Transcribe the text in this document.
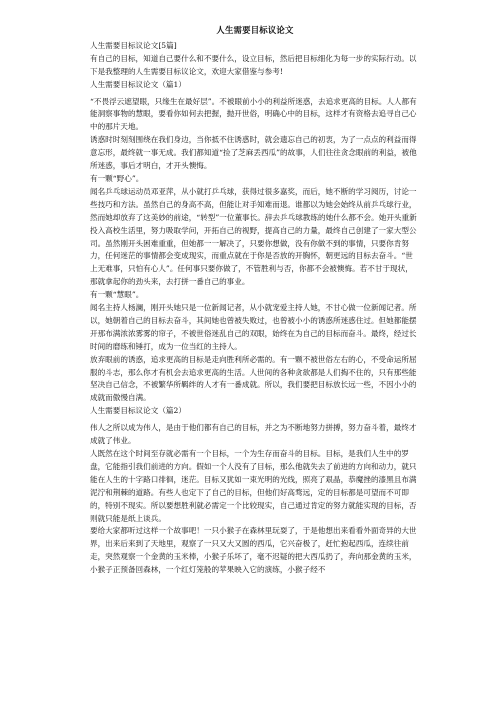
人生需要目标议论文

人生需要目标议论文[5篇]

有自己的目标，知道自己要什么和不要什么，设立目标，然后把目标细化为每一步的实际行动。以下是我整理的人生需要目标议论文，欢迎大家借鉴与参考!

人生需要目标议论文（篇1）

“不畏浮云遮望眼，只缘生在最好层”。不被眼前小小的利益所迷惑，去追求更高的目标。人人都有能洞察事物的慧眼，要看你如何去把握，抛开世俗，明确心中的目标，这样才有资格去追寻自己心中的那片天地。

诱惑时时刻刻围绕在我们身边，当你抵不住诱惑时，就会遗忘自己的初衷，为了一点点的利益而得意忘形，最终就一事无成。我们都知道“捡了芝麻丢西瓜”的故事，人们往往贪念眼前的利益，被他所迷惑，事后才明白，才开头懊悔。

有一颗“野心”。

闻名乒乓球运动员邓亚萍，从小就打乒乓球，获得过很多嘉奖，而后，她不断的学习阅历，讨论一些技巧和方法。虽然自己的身高不高，但能让对手知难而退。谁都以为她会始终从前乒乓球行业，然而她却放弃了这美妙的前途，“转型”一位董事长。辞去乒乓球教练的她什么都不会。她开头重新投入高校生活里，努力吸取学问，开拓自己的视野，提高自己的力量，最终自己创建了一家大型公司。虽然刚开头困难重重，但她都一一解决了，只要你想做，没有你做不到的事情，只要你肯努力，任何迷茫的事情都会变成现实，而重点就在于你是否放的开胸怀，朝更远的目标去奋斗。“世上无难事，只怕有心人”。任何事只要你做了，不管胜利与否，你都不会被懊悔。若不甘于现状，那就拿起你的劲头来，去打拼一番自己的事业。

有一颗“慧眼”。

闻名主持人杨澜，刚开头她只是一位新闻记者，从小就宠爱主持人她，不甘心做一位新闻记者。所以，她朝着自己的目标去奋斗，其间她也曾被失败过，也曾被小小的诱惑所迷惑住过。但她都能摆开那布满浓浓雾雾的帘子，不被世俗迷乱自己的双眼，始终在为自己的目标而奋斗。最终，经过长时间的磨练和锤打，成为一位当红的主持人。

放弃眼前的诱惑，追求更高的目标是走向胜利所必需的。有一颗不被世俗左右的心，不受命运所屈服的斗志，那么你才有机会去追求更高的生活。人世间的各种贪欲都是人们掏不住的，只有那些能坚决自己信念，不被繁华所羁绊的人才有一番成就。所以，我们要把目标放长远一些，不因小小的成就而傲慢自满。

人生需要目标议论文（篇2）

伟人之所以成为伟人，是由于他们都有自己的目标，并之为不断地努力拼搏，努力奋斗着，最终才成就了伟业。

人既然在这个时间至存就必需有一个目标，一个为生存而奋斗的目标。目标，是我们人生中的罗盘，它能指引我们前进的方向。假如一个人没有了目标，那么他就失去了前进的方向和动力，就只能在人生的十字路口徘徊，迷茫。目标又犹如一束光明的光线，照亮了艰晶，恭魔挫的漆黑且布满泥泞和荆棘的道路。有些人也定下了自己的目标，但他们好高骛远，定的目标都是可望而不可即的，特别不现实。所以要想胜利就必需定一个比较现实，自己通过肯定的努力就能实现的目标，否则就只能是纸上谈兵。

要给大家都听过这样一个故事吧！一只小猴子在森林里玩耍了，于是他想出来看看外面奇异的大世界，出来后来到了天地里，观察了一只又大又圆的西瓜，它兴奋极了，赶忙抱起西瓜，连续往前走，突然观察一个金黄的玉米棒，小猴子乐坏了，毫不迟疑的把大西瓜扔了，奔向那金黄的玉米，小猴子正预备回森林，一个红灯笼般的苹果映入它的演练，小猴子经不
